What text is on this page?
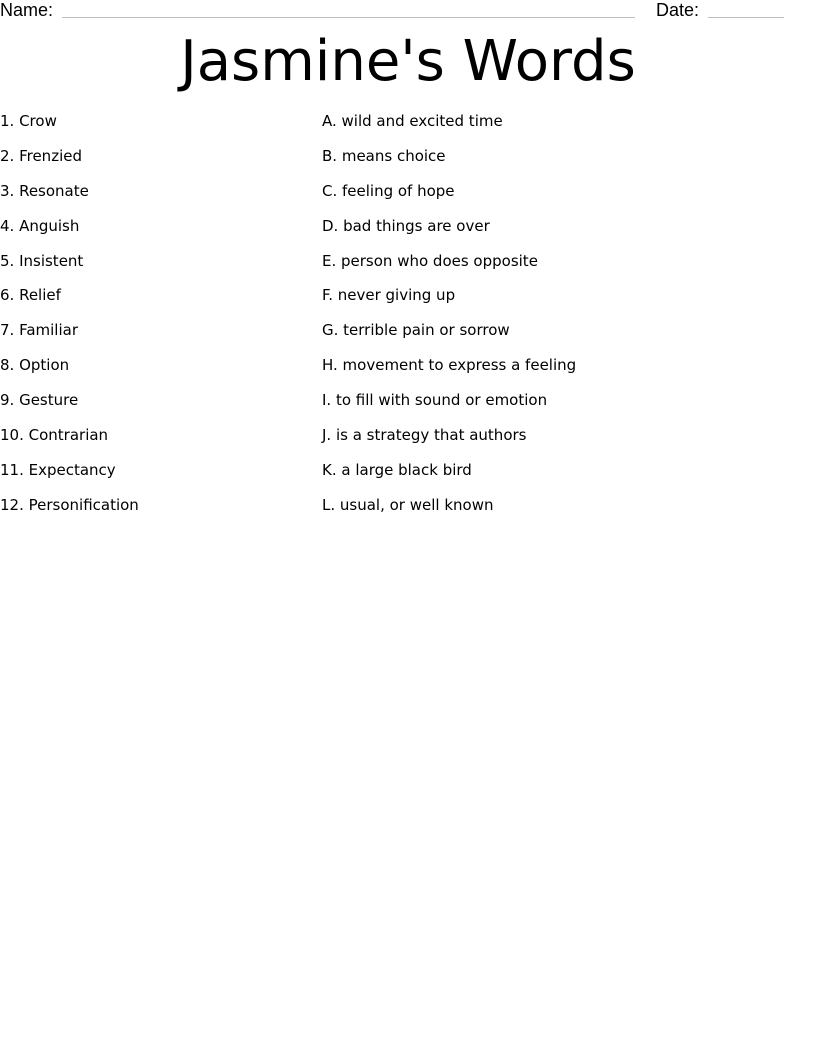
Name:	Date:
Jasmine's Words
1. Crow
2. Frenzied
3. Resonate
4. Anguish
5. Insistent
6. Relief
7. Familiar
8. Option
9. Gesture
10. Contrarian
11. Expectancy
12. Personification
A. wild and excited time
B. means choice
C. feeling of hope
D. bad things are over
E. person who does opposite
F. never giving up
G. terrible pain or sorrow
H. movement to express a feeling
I. to fill with sound or emotion
J. is a strategy that authors
K. a large black bird
L. usual, or well known
